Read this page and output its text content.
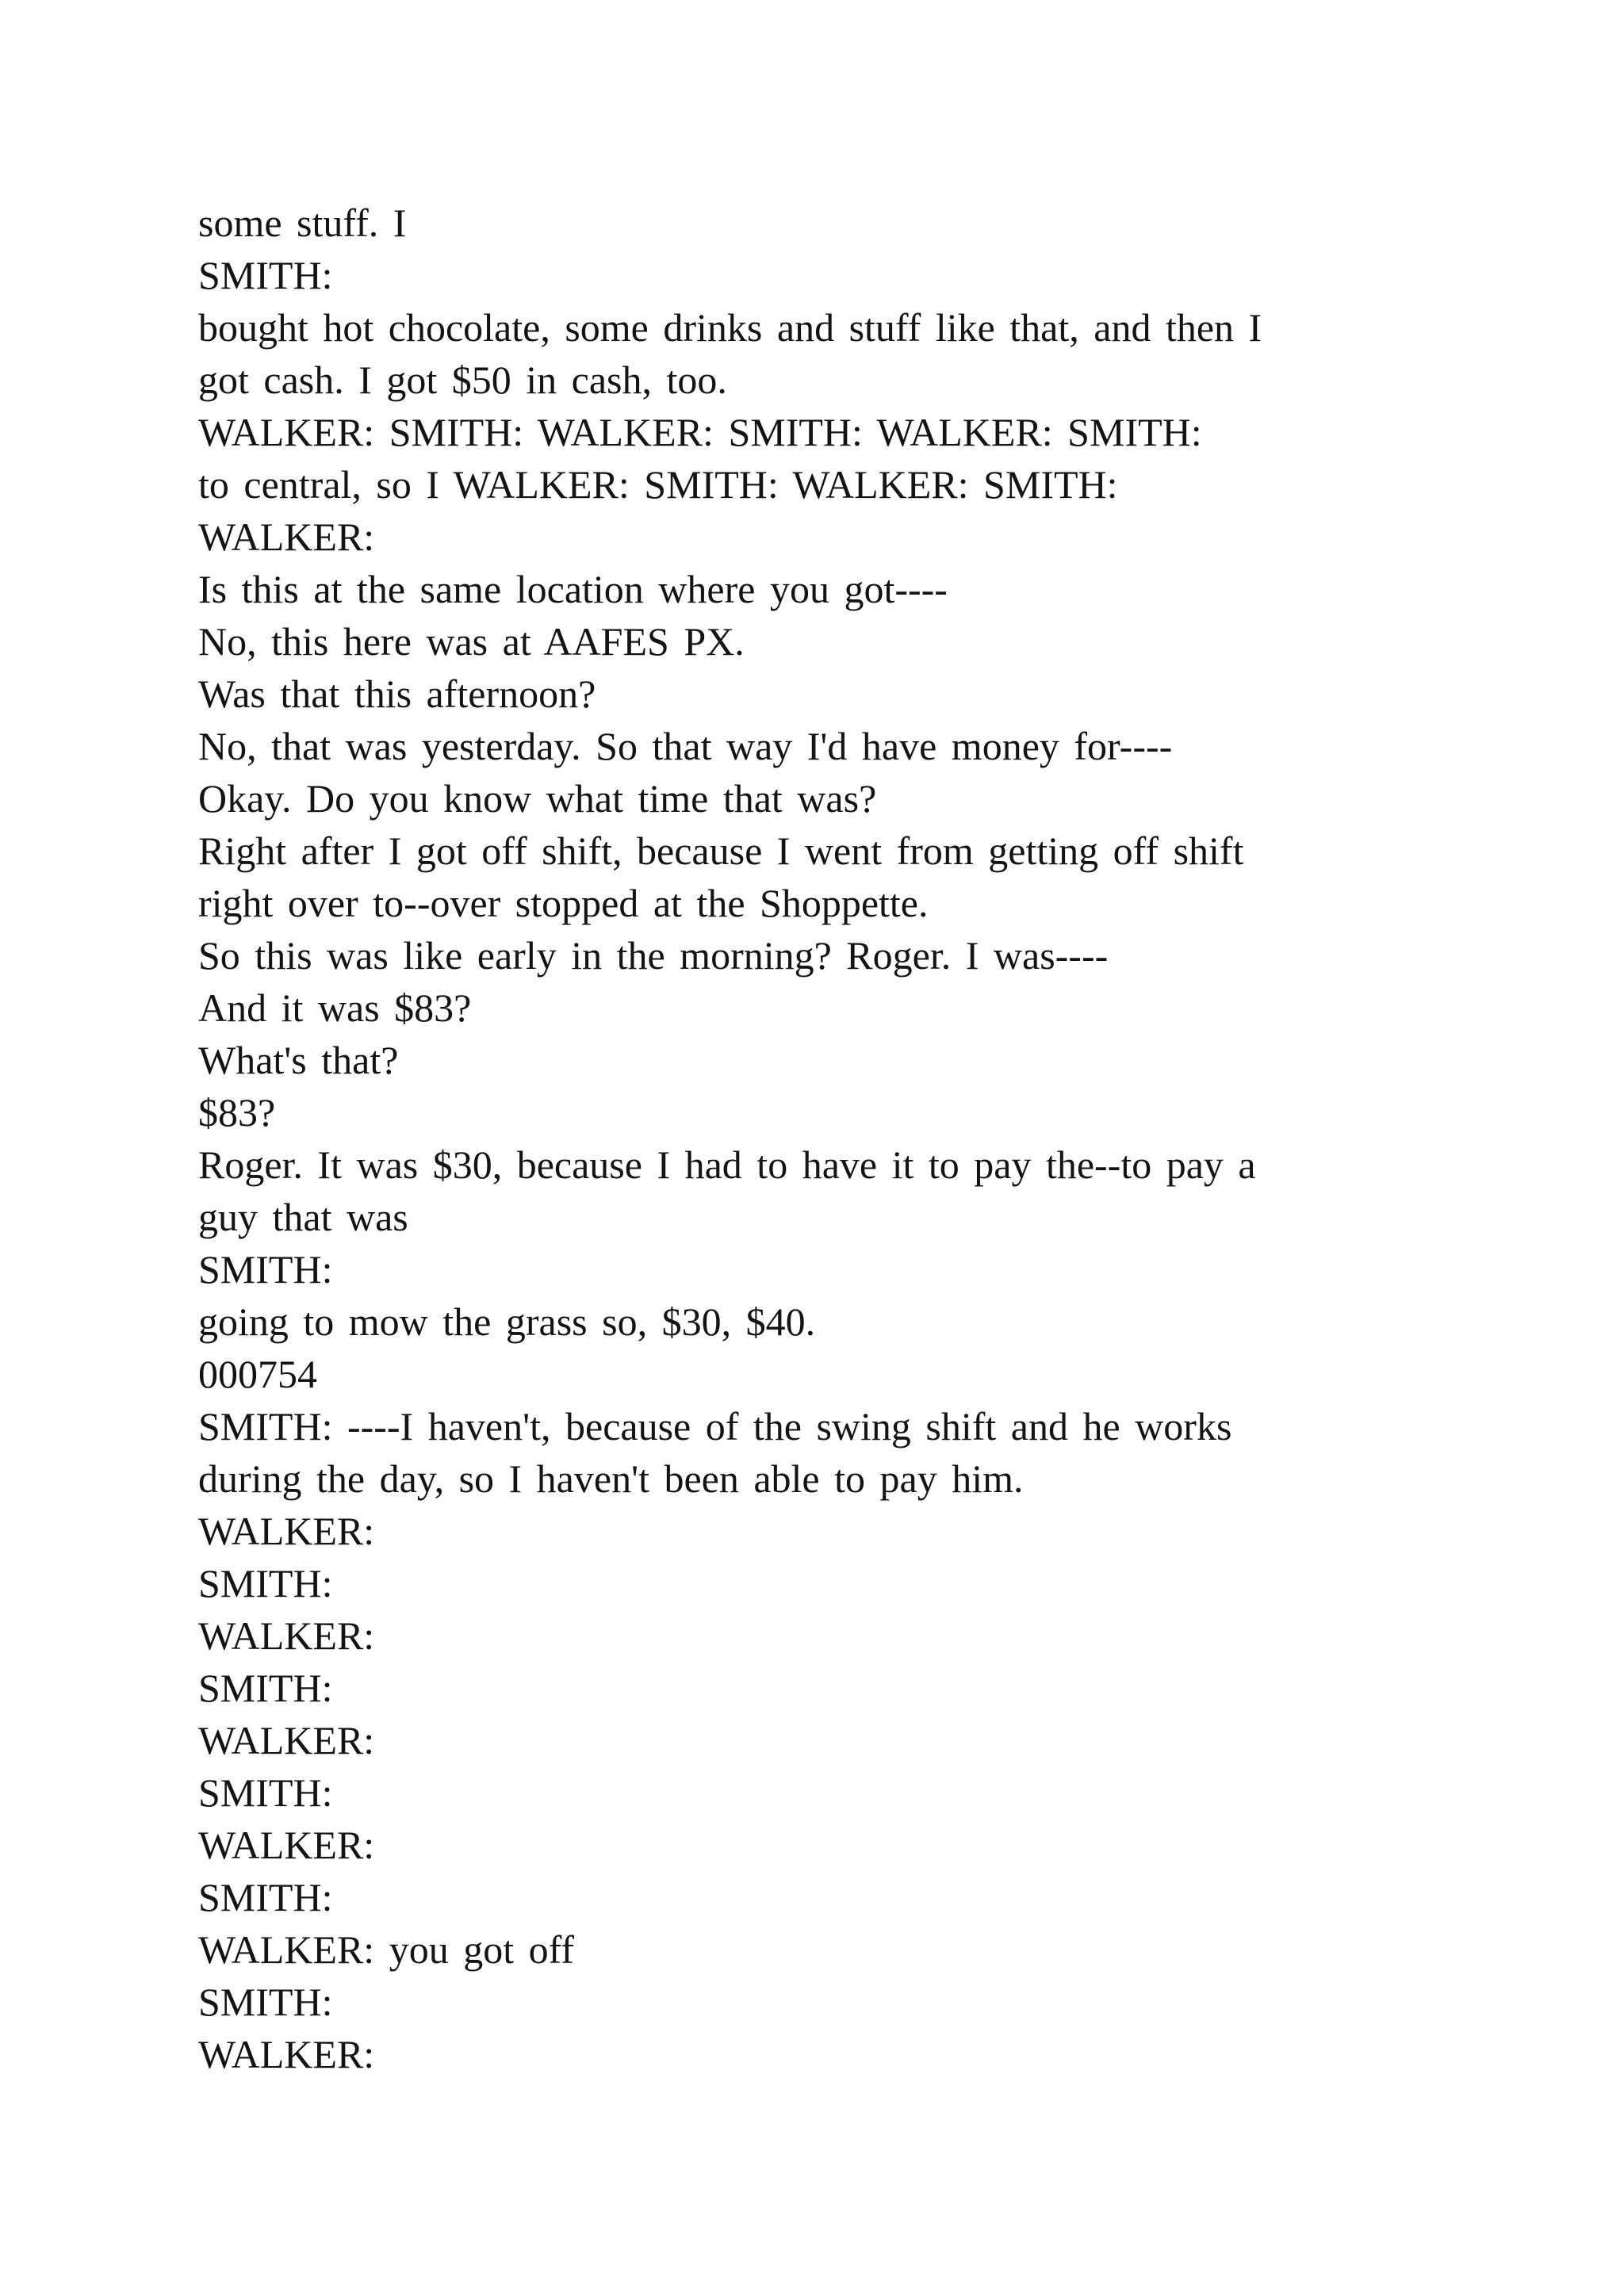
some stuff. I
SMITH:
bought hot chocolate, some drinks and stuff like that, and then I
got cash. I got $50 in cash, too.
WALKER: SMITH: WALKER: SMITH: WALKER: SMITH:
to central, so I WALKER: SMITH: WALKER: SMITH:
WALKER:
Is this at the same location where you got----
No, this here was at AAFES PX.
Was that this afternoon?
No, that was yesterday. So that way I'd have money for----
Okay. Do you know what time that was?
Right after I got off shift, because I went from getting off shift
right over to--over stopped at the Shoppette.
So this was like early in the morning? Roger. I was----
And it was $83?
What's that?
$83?
Roger. It was $30, because I had to have it to pay the--to pay a
guy that was
SMITH:
going to mow the grass so, $30, $40.
000754
SMITH: ----I haven't, because of the swing shift and he works
during the day, so I haven't been able to pay him.
WALKER:
SMITH:
WALKER:
SMITH:
WALKER:
SMITH:
WALKER:
SMITH:
WALKER: you got off
SMITH:
WALKER:
